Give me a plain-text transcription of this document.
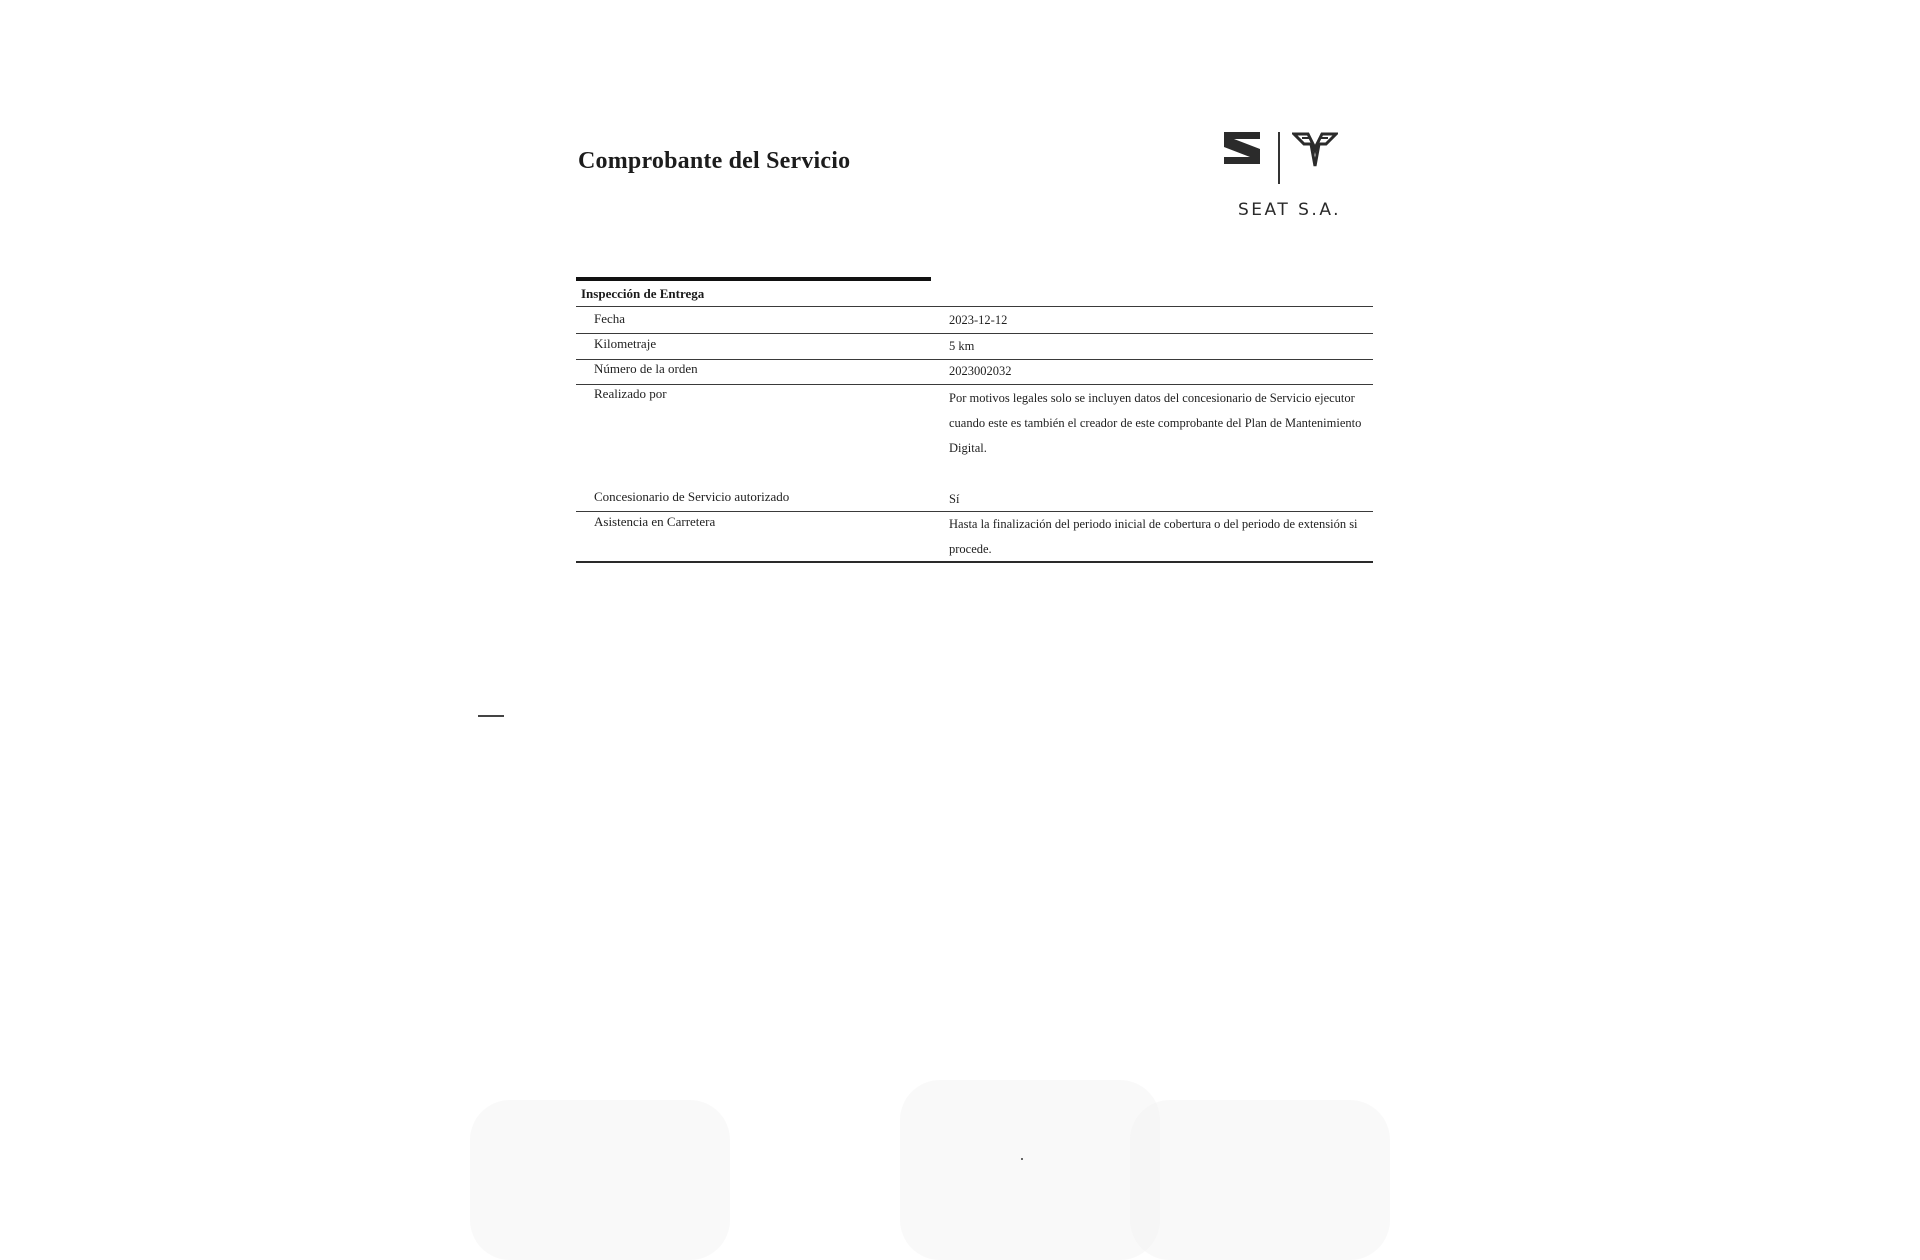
Comprobante del Servicio
SEAT S.A.
Inspección de Entrega
Fecha	2023-12-12
Kilometraje	5 km
Número de la orden	2023002032
Realizado por	Por motivos legales solo se incluyen datos del concesionario de Servicio ejecutor cuando este es también el creador de este comprobante del Plan de Mantenimiento Digital.
Concesionario de Servicio autorizado	Sí
Asistencia en Carretera	Hasta la finalización del periodo inicial de cobertura o del periodo de extensión si procede.
